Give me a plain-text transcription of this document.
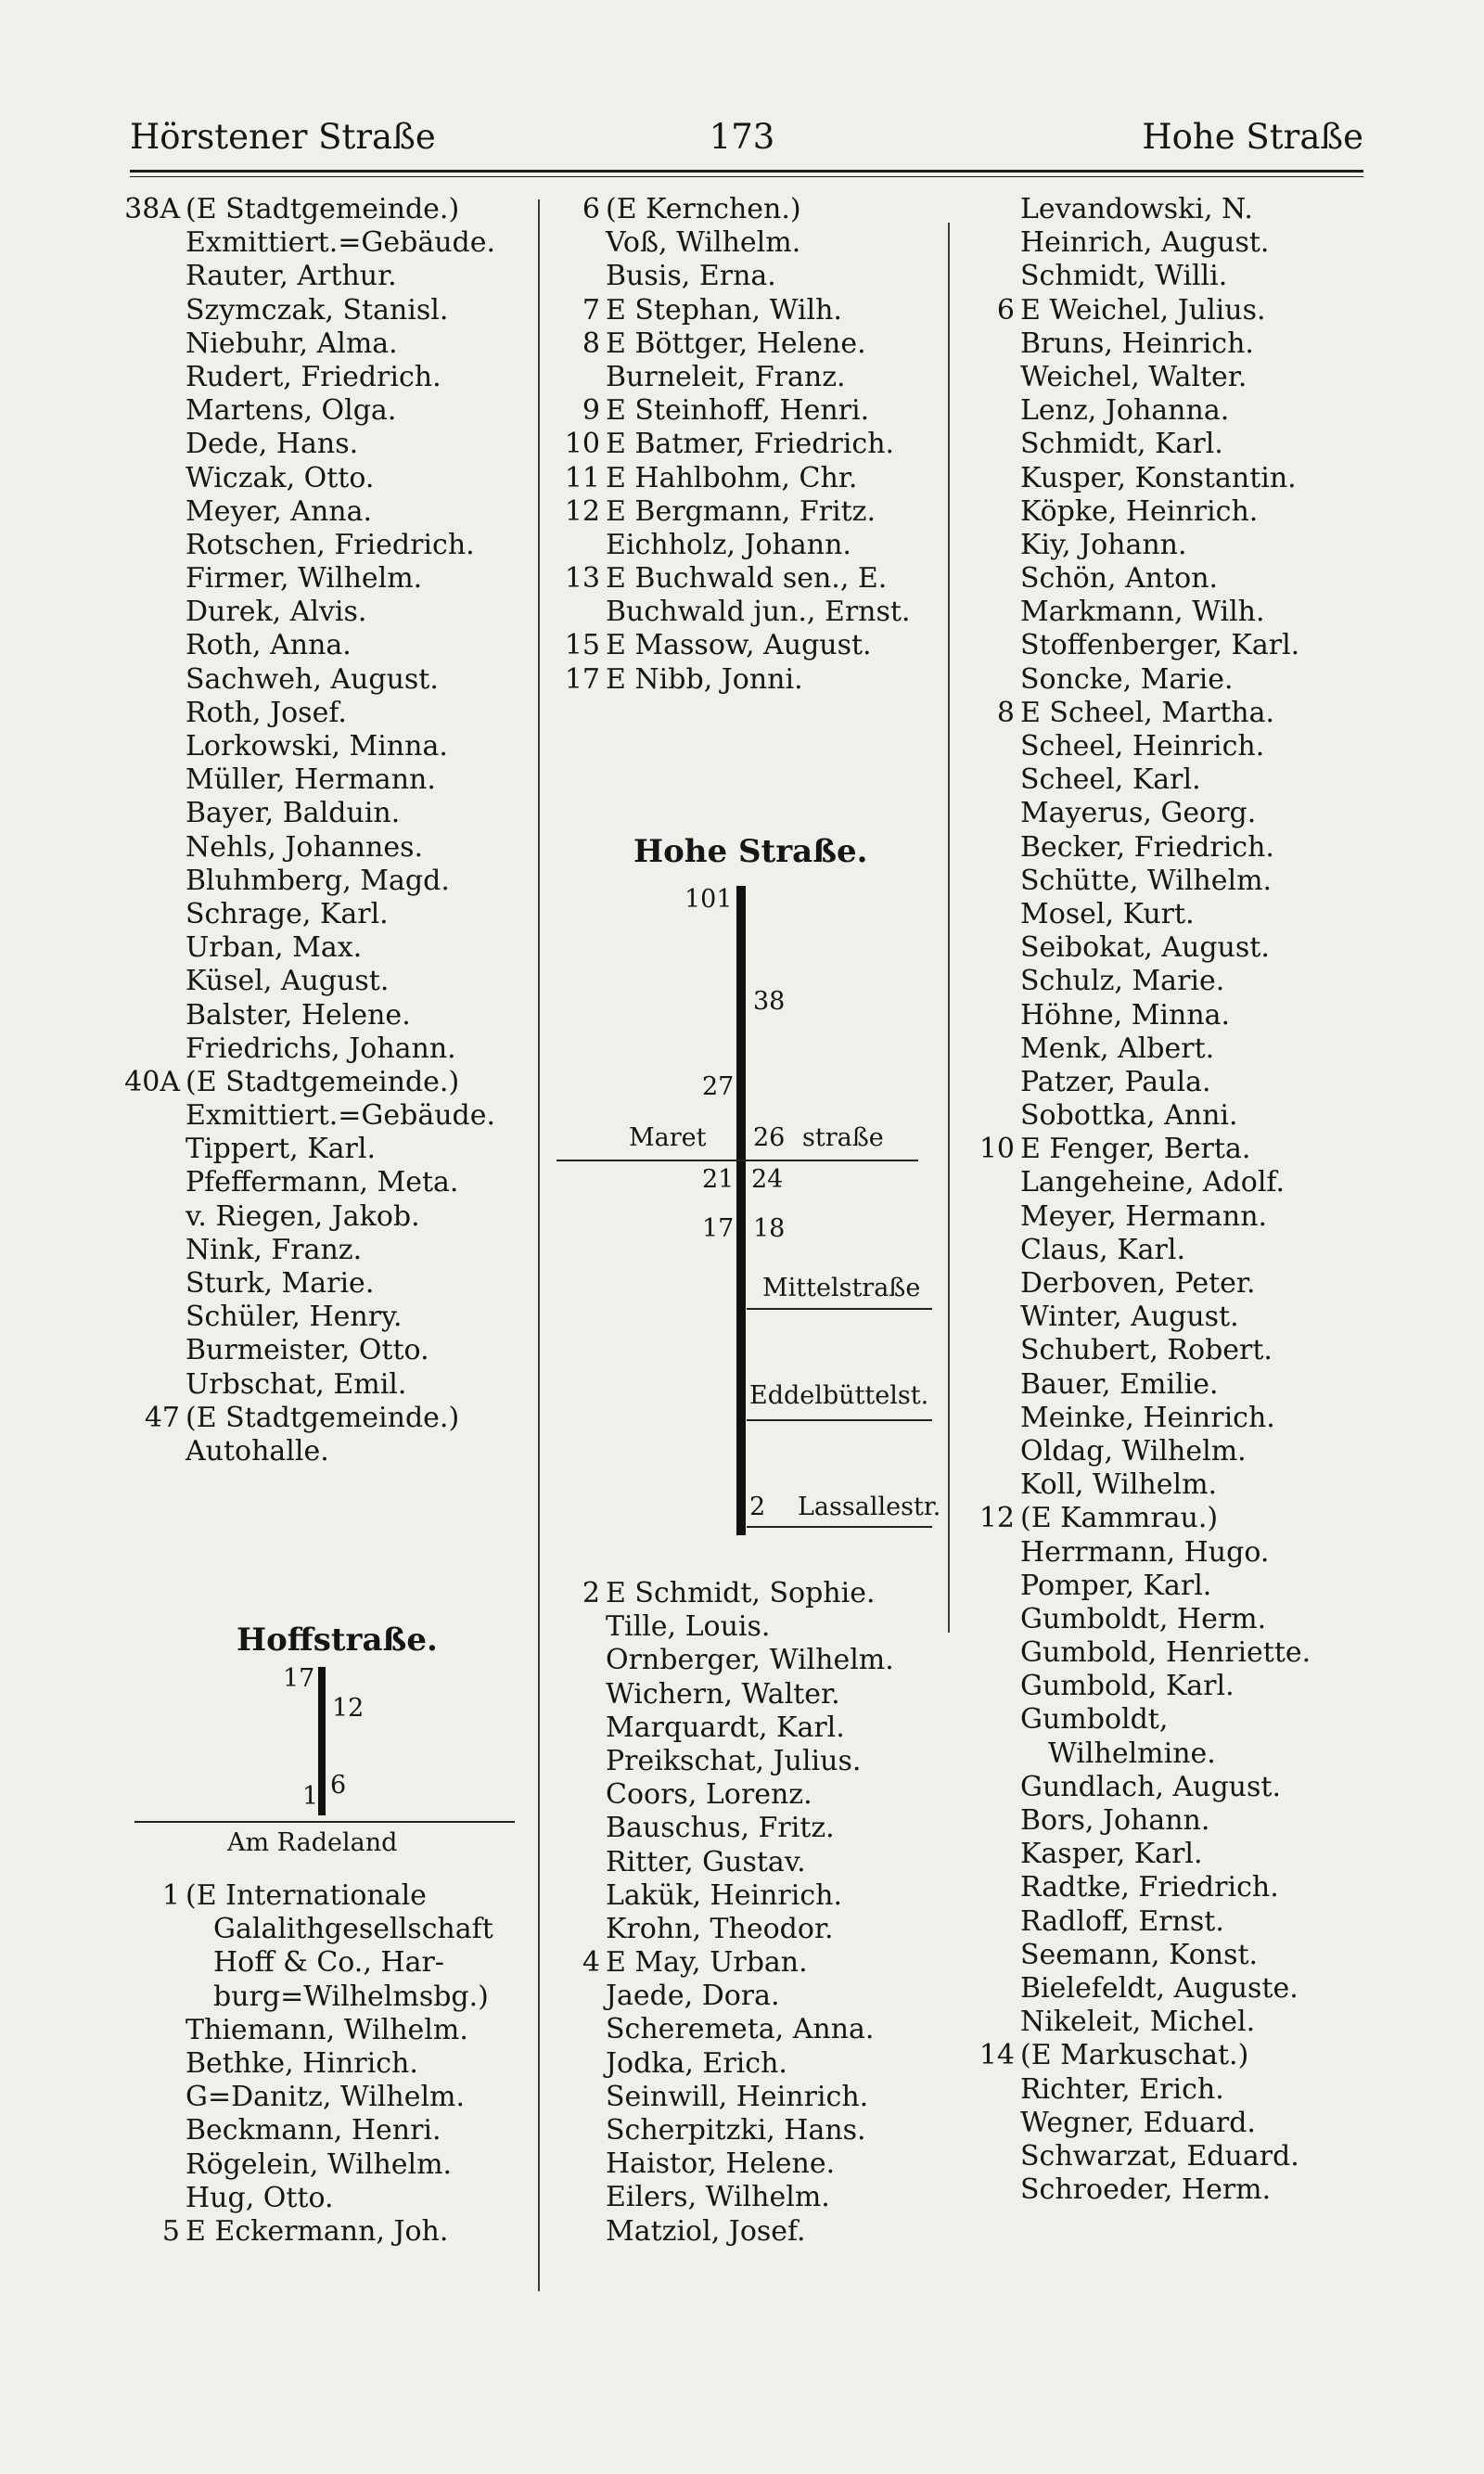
Hörstener Straße	173	Hohe Straße
38A (E Stadtgemeinde.)
Exmittiert.=Gebäude.
Rauter, Arthur.
Szymczak, Stanisl.
Niebuhr, Alma.
Rudert, Friedrich.
Martens, Olga.
Dede, Hans.
Wiczak, Otto.
Meyer, Anna.
Rotschen, Friedrich.
Firmer, Wilhelm.
Durek, Alvis.
Roth, Anna.
Sachweh, August.
Roth, Josef.
Lorkowski, Minna.
Müller, Hermann.
Bayer, Balduin.
Nehls, Johannes.
Bluhmberg, Magd.
Schrage, Karl.
Urban, Max.
Küsel, August.
Balster, Helene.
Friedrichs, Johann.
40A (E Stadtgemeinde.)
Exmittiert.=Gebäude.
Tippert, Karl.
Pfeffermann, Meta.
v. Riegen, Jakob.
Nink, Franz.
Sturk, Marie.
Schüler, Henry.
Burmeister, Otto.
Urbschat, Emil.
47 (E Stadtgemeinde.)
Autohalle.
Hoffstraße.
17
12
1 6
Am Radeland
1 (E Internationale
Galalithgesellschaft
Hoff & Co., Har-
burg=Wilhelmsbg.)
Thiemann, Wilhelm.
Bethke, Hinrich.
G=Danitz, Wilhelm.
Beckmann, Henri.
Rögelein, Wilhelm.
Hug, Otto.
5 E Eckermann, Joh.
6 (E Kernchen.)
Voß, Wilhelm.
Busis, Erna.
7 E Stephan, Wilh.
8 E Böttger, Helene.
Burneleit, Franz.
9 E Steinhoff, Henri.
10 E Batmer, Friedrich.
11 E Hahlbohm, Chr.
12 E Bergmann, Fritz.
Eichholz, Johann.
13 E Buchwald sen., E.
Buchwald jun., Ernst.
15 E Massow, August.
17 E Nibb, Jonni.
Hohe Straße.
101
38
27
Maret 26 straße
21 24
17 18
Mittelstraße
Eddelbüttelst.
2 Lassallestr.
2 E Schmidt, Sophie.
Tille, Louis.
Ornberger, Wilhelm.
Wichern, Walter.
Marquardt, Karl.
Preikschat, Julius.
Coors, Lorenz.
Bauschus, Fritz.
Ritter, Gustav.
Lakük, Heinrich.
Krohn, Theodor.
4 E May, Urban.
Jaede, Dora.
Scheremeta, Anna.
Jodka, Erich.
Seinwill, Heinrich.
Scherpitzki, Hans.
Haistor, Helene.
Eilers, Wilhelm.
Matziol, Josef.
Levandowski, N.
Heinrich, August.
Schmidt, Willi.
6 E Weichel, Julius.
Bruns, Heinrich.
Weichel, Walter.
Lenz, Johanna.
Schmidt, Karl.
Kusper, Konstantin.
Köpke, Heinrich.
Kiy, Johann.
Schön, Anton.
Markmann, Wilh.
Stoffenberger, Karl.
Soncke, Marie.
8 E Scheel, Martha.
Scheel, Heinrich.
Scheel, Karl.
Mayerus, Georg.
Becker, Friedrich.
Schütte, Wilhelm.
Mosel, Kurt.
Seibokat, August.
Schulz, Marie.
Höhne, Minna.
Menk, Albert.
Patzer, Paula.
Sobottka, Anni.
10 E Fenger, Berta.
Langeheine, Adolf.
Meyer, Hermann.
Claus, Karl.
Derboven, Peter.
Winter, August.
Schubert, Robert.
Bauer, Emilie.
Meinke, Heinrich.
Oldag, Wilhelm.
Koll, Wilhelm.
12 (E Kammrau.)
Herrmann, Hugo.
Pomper, Karl.
Gumboldt, Herm.
Gumbold, Henriette.
Gumbold, Karl.
Gumboldt,
Wilhelmine.
Gundlach, August.
Bors, Johann.
Kasper, Karl.
Radtke, Friedrich.
Radloff, Ernst.
Seemann, Konst.
Bielefeldt, Auguste.
Nikeleit, Michel.
14 (E Markuschat.)
Richter, Erich.
Wegner, Eduard.
Schwarzat, Eduard.
Schroeder, Herm.
